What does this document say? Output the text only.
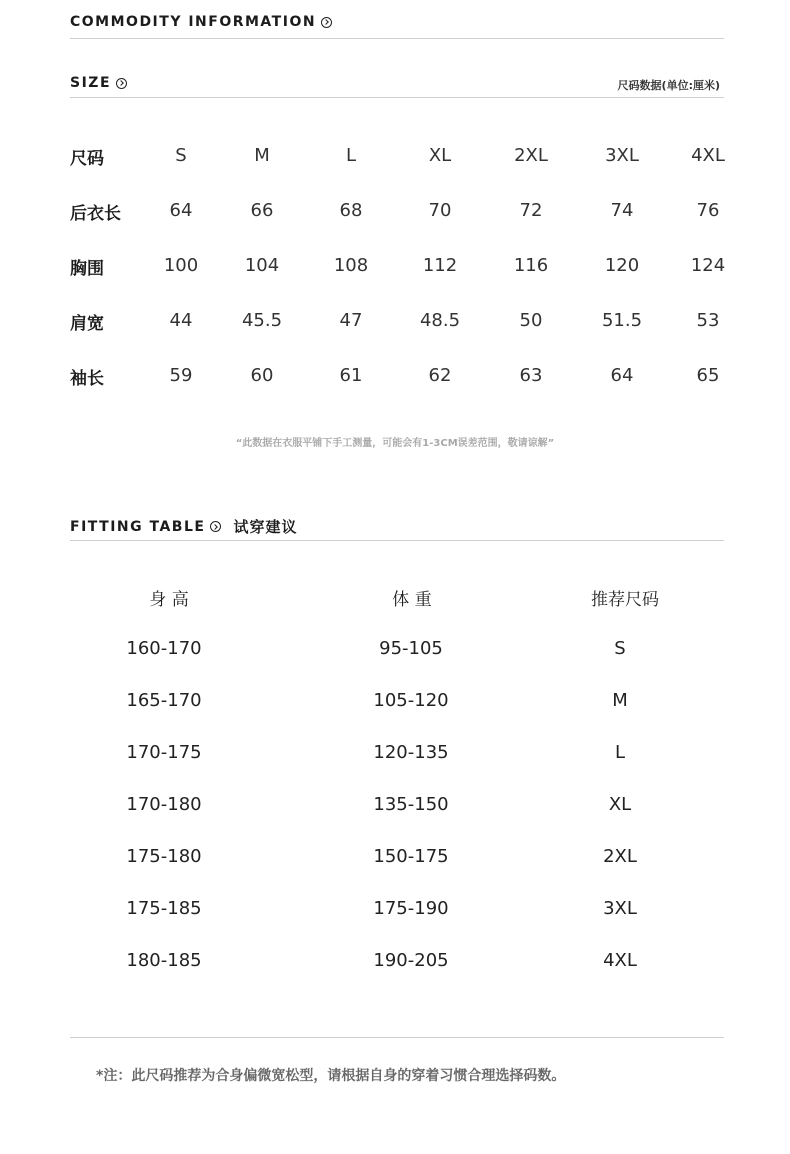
COMMODITY INFORMATION
SIZE	尺码数据(单位:厘米)
尺码	S	M	L	XL	2XL	3XL	4XL
后衣长	64	66	68	70	72	74	76
胸围	100	104	108	112	116	120	124
肩宽	44	45.5	47	48.5	50	51.5	53
袖长	59	60	61	62	63	64	65
“此数据在衣服平铺下手工测量，可能会有1-3CM误差范围，敬请谅解”
FITTING TABLE 试穿建议
身 高	体 重	推荐尺码
160-170	95-105	S
165-170	105-120	M
170-175	120-135	L
170-180	135-150	XL
175-180	150-175	2XL
175-185	175-190	3XL
180-185	190-205	4XL
*注：此尺码推荐为合身偏微宽松型，请根据自身的穿着习惯合理选择码数。
